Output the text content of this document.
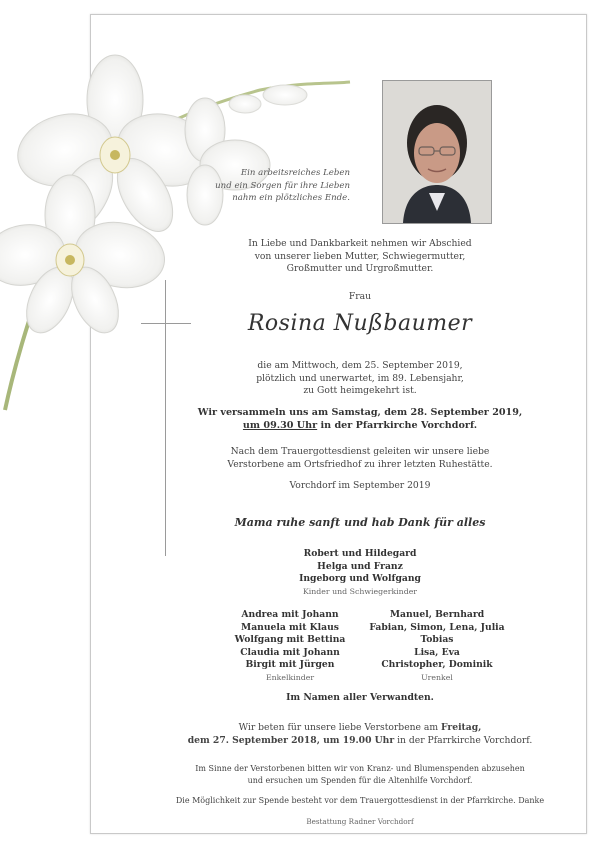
Ein arbeitsreiches Leben
und ein Sorgen für ihre Lieben
nahm ein plötzliches Ende.
In Liebe und Dankbarkeit nehmen wir Abschied
von unserer lieben Mutter, Schwiegermutter,
Großmutter und Urgroßmutter.
Frau
Rosina Nußbaumer
die am Mittwoch, dem 25. September 2019,
plötzlich und unerwartet, im 89. Lebensjahr,
zu Gott heimgekehrt ist.
Wir versammeln uns am Samstag, dem 28. September 2019,
um 09.30 Uhr in der Pfarrkirche Vorchdorf.
Nach dem Trauergottesdienst geleiten wir unsere liebe
Verstorbene am Ortsfriedhof zu ihrer letzten Ruhestätte.
Vorchdorf im September 2019
Mama ruhe sanft und hab Dank für alles
Robert und Hildegard
Helga und Franz
Ingeborg und Wolfgang
Kinder und Schwiegerkinder
Andrea mit Johann
Manuela mit Klaus
Wolfgang mit Bettina
Claudia mit Johann
Birgit mit Jürgen
Enkelkinder
Manuel, Bernhard
Fabian, Simon, Lena, Julia
Tobias
Lisa, Eva
Christopher, Dominik
Urenkel
Im Namen aller Verwandten.
Wir beten für unsere liebe Verstorbene am Freitag,
dem 27. September 2018, um 19.00 Uhr in der Pfarrkirche Vorchdorf.
Im Sinne der Verstorbenen bitten wir von Kranz- und Blumenspenden abzusehen
und ersuchen um Spenden für die Altenhilfe Vorchdorf.
Die Möglichkeit zur Spende besteht vor dem Trauergottesdienst in der Pfarrkirche. Danke
Bestattung Radner Vorchdorf
